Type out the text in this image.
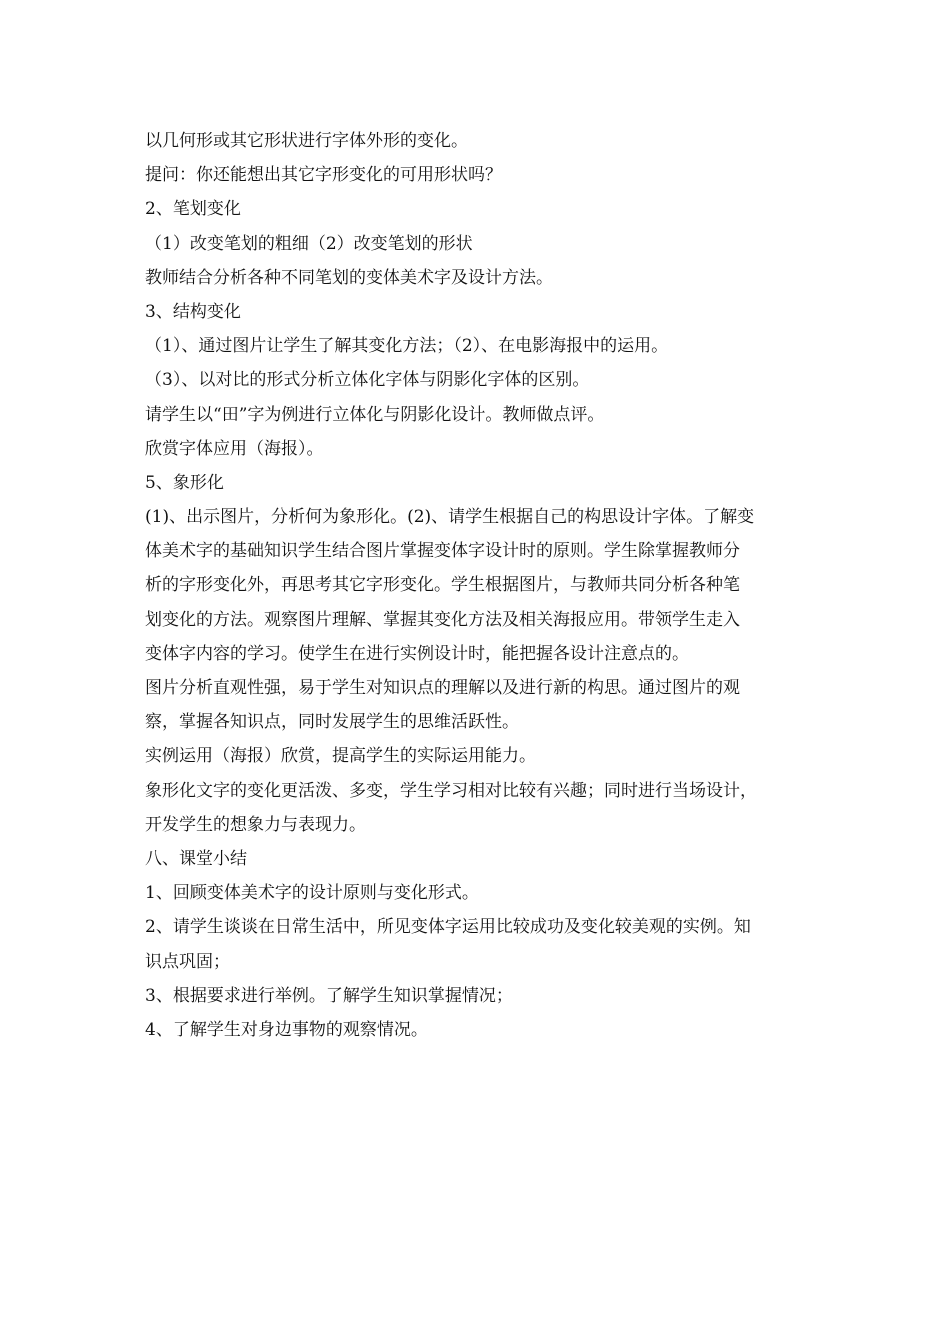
以几何形或其它形状进行字体外形的变化。
提问：你还能想出其它字形变化的可用形状吗？
2、笔划变化
（1）改变笔划的粗细（2）改变笔划的形状
教师结合分析各种不同笔划的变体美术字及设计方法。
3、结构变化
（1）、通过图片让学生了解其变化方法；（2）、在电影海报中的运用。
（3）、以对比的形式分析立体化字体与阴影化字体的区别。
请学生以“田”字为例进行立体化与阴影化设计。教师做点评。
欣赏字体应用（海报）。
5、象形化
(1)、出示图片，分析何为象形化。(2)、请学生根据自己的构思设计字体。了解变
体美术字的基础知识学生结合图片掌握变体字设计时的原则。学生除掌握教师分
析的字形变化外，再思考其它字形变化。学生根据图片，与教师共同分析各种笔
划变化的方法。观察图片理解、掌握其变化方法及相关海报应用。带领学生走入
变体字内容的学习。使学生在进行实例设计时，能把握各设计注意点的。
图片分析直观性强，易于学生对知识点的理解以及进行新的构思。通过图片的观
察，掌握各知识点，同时发展学生的思维活跃性。
实例运用（海报）欣赏，提高学生的实际运用能力。
象形化文字的变化更活泼、多变，学生学习相对比较有兴趣；同时进行当场设计，
开发学生的想象力与表现力。
八、课堂小结
1、回顾变体美术字的设计原则与变化形式。
2、请学生谈谈在日常生活中，所见变体字运用比较成功及变化较美观的实例。知
识点巩固；
3、根据要求进行举例。了解学生知识掌握情况；
4、了解学生对身边事物的观察情况。
